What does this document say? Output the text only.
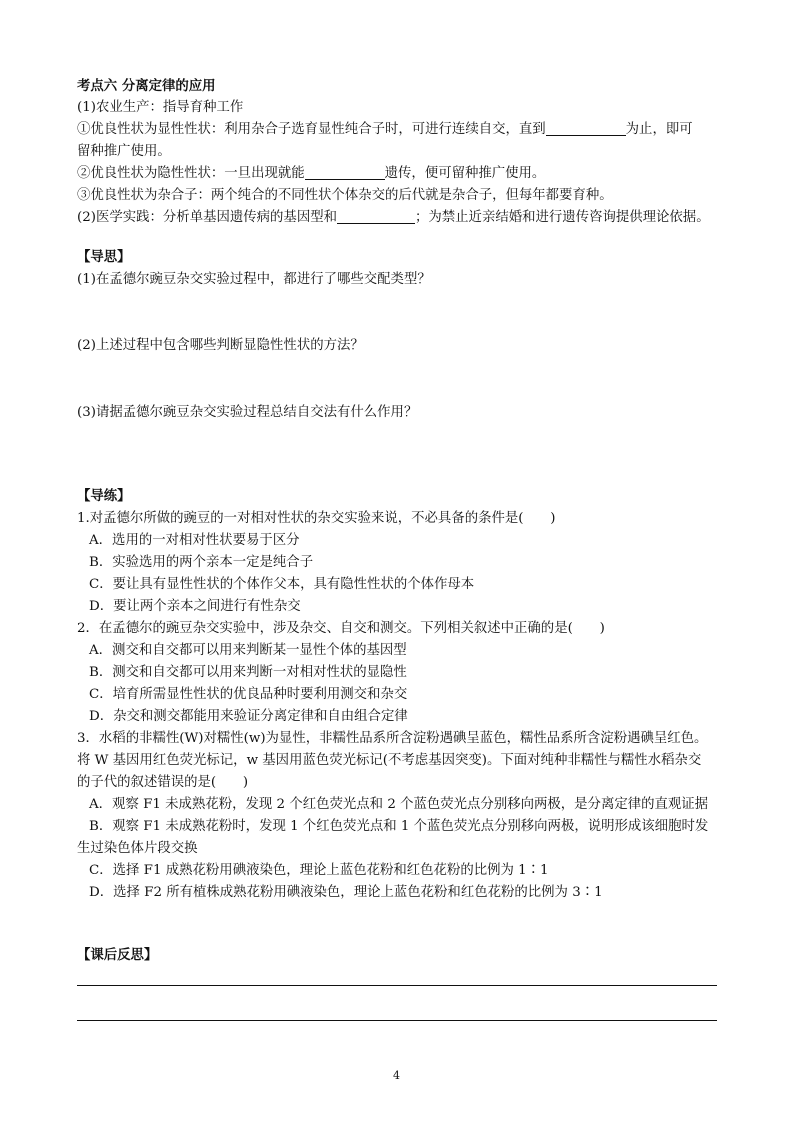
考点六 分离定律的应用
(1)农业生产：指导育种工作
①优良性状为显性性状：利用杂合子选育显性纯合子时，可进行连续自交，直到	为止，即可
留种推广使用。
②优良性状为隐性性状：一旦出现就能	遗传，便可留种推广使用。
③优良性状为杂合子：两个纯合的不同性状个体杂交的后代就是杂合子，但每年都要育种。
(2)医学实践：分析单基因遗传病的基因型和	；为禁止近亲结婚和进行遗传咨询提供理论依据。
【导思】
(1)在孟德尔豌豆杂交实验过程中，都进行了哪些交配类型？
(2)上述过程中包含哪些判断显隐性性状的方法？
(3)请据孟德尔豌豆杂交实验过程总结自交法有什么作用？
【导练】
1.对孟德尔所做的豌豆的一对相对性状的杂交实验来说，不必具备的条件是(　　)
A．选用的一对相对性状要易于区分
B．实验选用的两个亲本一定是纯合子
C．要让具有显性性状的个体作父本，具有隐性性状的个体作母本
D．要让两个亲本之间进行有性杂交
2．在孟德尔的豌豆杂交实验中，涉及杂交、自交和测交。下列相关叙述中正确的是(　　)
A．测交和自交都可以用来判断某一显性个体的基因型
B．测交和自交都可以用来判断一对相对性状的显隐性
C．培育所需显性性状的优良品种时要利用测交和杂交
D．杂交和测交都能用来验证分离定律和自由组合定律
3．水稻的非糯性(W)对糯性(w)为显性，非糯性品系所含淀粉遇碘呈蓝色，糯性品系所含淀粉遇碘呈红色。
将 W 基因用红色荧光标记，w 基因用蓝色荧光标记(不考虑基因突变)。下面对纯种非糯性与糯性水稻杂交
的子代的叙述错误的是(　　)
A．观察 F1 未成熟花粉，发现 2 个红色荧光点和 2 个蓝色荧光点分别移向两极，是分离定律的直观证据
B．观察 F1 未成熟花粉时，发现 1 个红色荧光点和 1 个蓝色荧光点分别移向两极，说明形成该细胞时发
生过染色体片段交换
C．选择 F1 成熟花粉用碘液染色，理论上蓝色花粉和红色花粉的比例为 1∶1
D．选择 F2 所有植株成熟花粉用碘液染色，理论上蓝色花粉和红色花粉的比例为 3∶1
【课后反思】
4
